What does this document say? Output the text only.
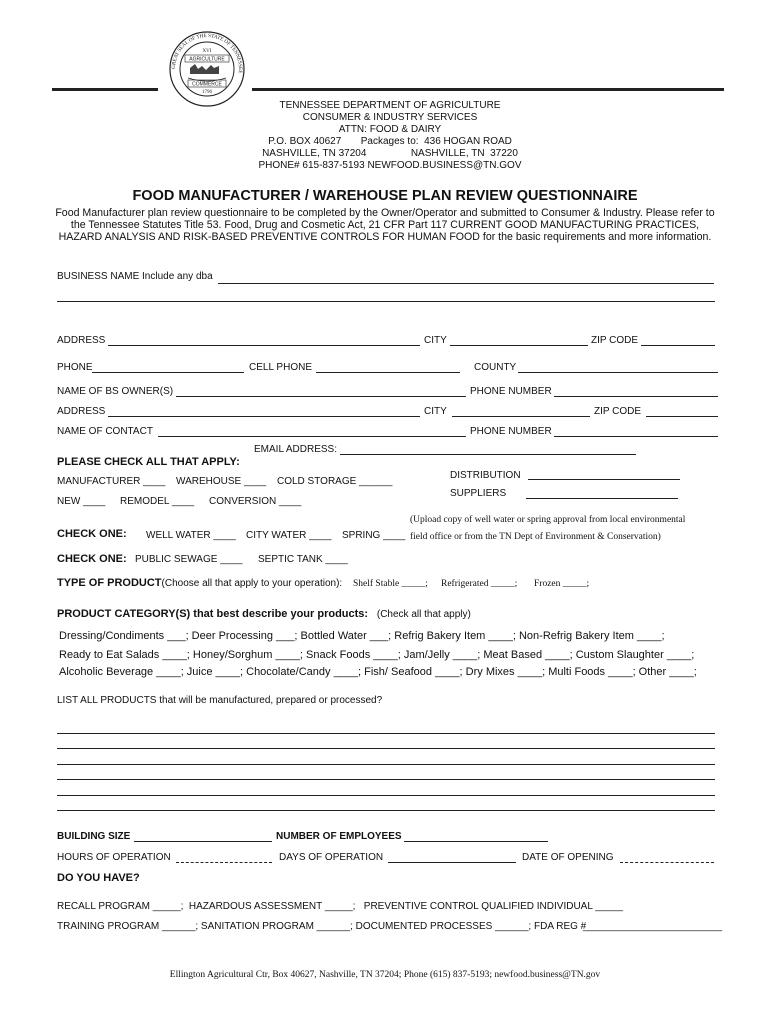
GREAT SEAL OF THE STATE OF TENNESSEE
XVI
AGRICULTURE
COMMERCE
1796
TENNESSEE DEPARTMENT OF AGRICULTURE
CONSUMER & INDUSTRY SERVICES
ATTN: FOOD & DAIRY
P.O. BOX 40627       Packages to:  436 HOGAN ROAD
NASHVILLE, TN 37204                NASHVILLE, TN  37220
PHONE# 615-837-5193 NEWFOOD.BUSINESS@TN.GOV
FOOD MANUFACTURER / WAREHOUSE PLAN REVIEW QUESTIONNAIRE
Food Manufacturer plan review questionnaire to be completed by the Owner/Operator and submitted to Consumer & Industry. Please refer to the Tennessee Statutes Title 53. Food, Drug and Cosmetic Act, 21 CFR Part 117 CURRENT GOOD MANUFACTURING PRACTICES, HAZARD ANALYSIS AND RISK-BASED PREVENTIVE CONTROLS FOR HUMAN FOOD for the basic requirements and more information.
BUSINESS NAME Include any dba
ADDRESS	CITY	ZIP CODE
PHONE	CELL PHONE	COUNTY
NAME OF BS OWNER(S)	PHONE NUMBER
ADDRESS	CITY	ZIP CODE
NAME OF CONTACT	PHONE NUMBER
EMAIL ADDRESS:
PLEASE CHECK ALL THAT APPLY:
MANUFACTURER ____ WAREHOUSE ____ COLD STORAGE ______
DISTRIBUTION
SUPPLIERS
NEW ____ REMODEL ____ CONVERSION ____
CHECK ONE: WELL WATER ____ CITY WATER ____ SPRING ____
(Upload copy of well water or spring approval from local environmental
field office or from the TN Dept of Environment & Conservation)
CHECK ONE: PUBLIC SEWAGE ____ SEPTIC TANK ____
TYPE OF PRODUCT(Choose all that apply to your operation): Shelf Stable _____; Refrigerated _____; Frozen _____;
PRODUCT CATEGORY(S) that best describe your products: (Check all that apply)
Dressing/Condiments ___; Deer Processing ___; Bottled Water ___; Refrig Bakery Item ____; Non-Refrig Bakery Item ____;
Ready to Eat Salads ____; Honey/Sorghum ____; Snack Foods ____; Jam/Jelly ____; Meat Based ____; Custom Slaughter ____;
Alcoholic Beverage ____; Juice ____; Chocolate/Candy ____; Fish/ Seafood ____; Dry Mixes ____; Multi Foods ____; Other ____;
LIST ALL PRODUCTS that will be manufactured, prepared or processed?
BUILDING SIZE	NUMBER OF EMPLOYEES
HOURS OF OPERATION	DAYS OF OPERATION	DATE OF OPENING
DO YOU HAVE?
RECALL PROGRAM _____;  HAZARDOUS ASSESSMENT _____;   PREVENTIVE CONTROL QUALIFIED INDIVIDUAL _____
TRAINING PROGRAM ______; SANITATION PROGRAM ______; DOCUMENTED PROCESSES ______; FDA REG #
_________________________
Ellington Agricultural Ctr, Box 40627, Nashville, TN 37204; Phone (615) 837-5193; newfood.business@TN.gov
